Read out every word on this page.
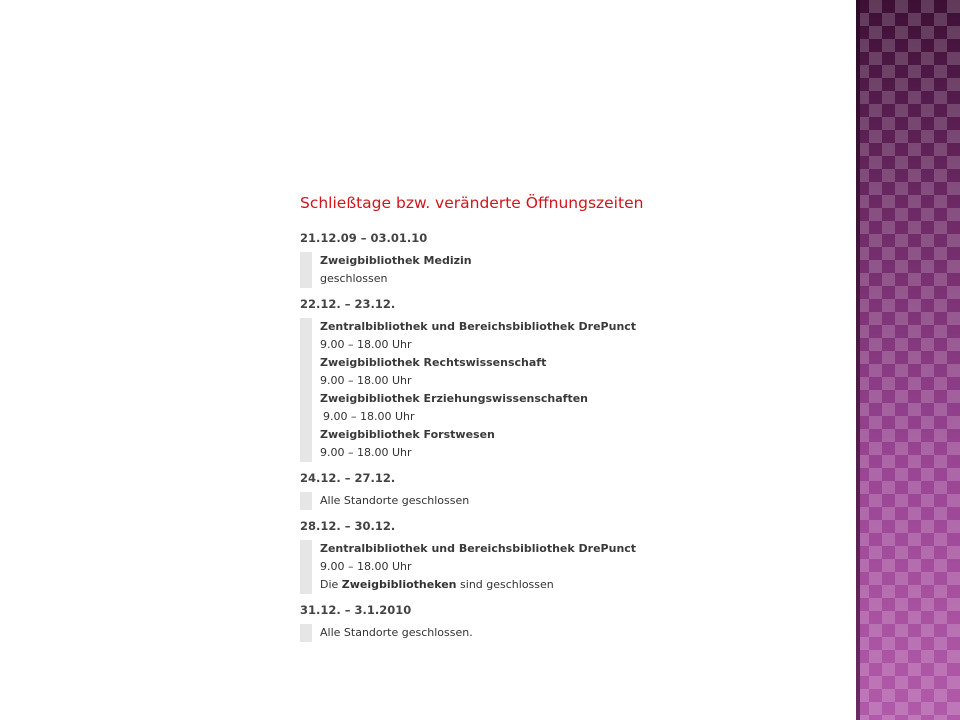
Schließtage bzw. veränderte Öffnungszeiten
21.12.09 – 03.01.10
Zweigbibliothek Medizin
geschlossen
22.12. – 23.12.
Zentralbibliothek und Bereichsbibliothek DrePunct
9.00 – 18.00 Uhr
Zweigbibliothek Rechtswissenschaft
9.00 – 18.00 Uhr
Zweigbibliothek Erziehungswissenschaften
9.00 – 18.00 Uhr
Zweigbibliothek Forstwesen
9.00 – 18.00 Uhr
24.12. – 27.12.
Alle Standorte geschlossen
28.12. – 30.12.
Zentralbibliothek und Bereichsbibliothek DrePunct
9.00 – 18.00 Uhr
Die Zweigbibliotheken sind geschlossen
31.12. – 3.1.2010
Alle Standorte geschlossen.
